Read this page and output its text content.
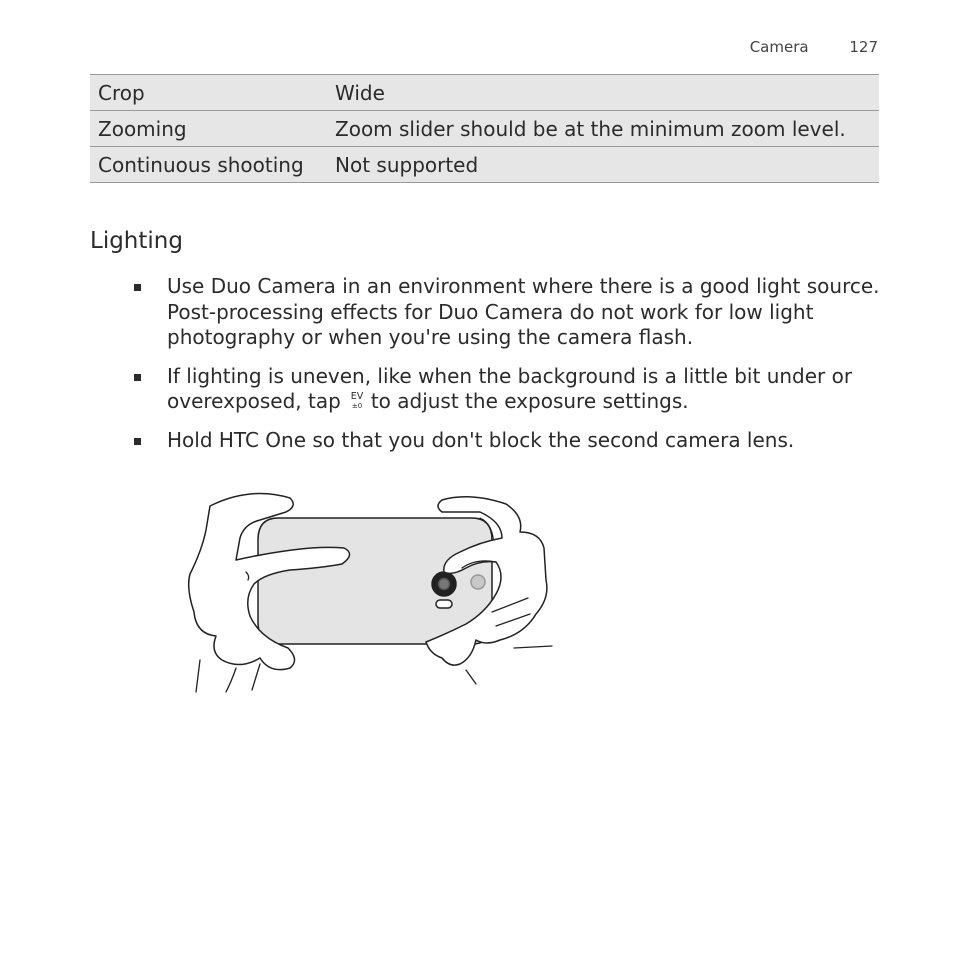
Camera	127
Crop	Wide
Zooming	Zoom slider should be at the minimum zoom level.
Continuous shooting	Not supported
Lighting
Use Duo Camera in an environment where there is a good light source. Post-processing effects for Duo Camera do not work for low light photography or when you're using the camera flash.
If lighting is uneven, like when the background is a little bit under or overexposed, tap EV
±0 to adjust the exposure settings.
Hold HTC One so that you don't block the second camera lens.
